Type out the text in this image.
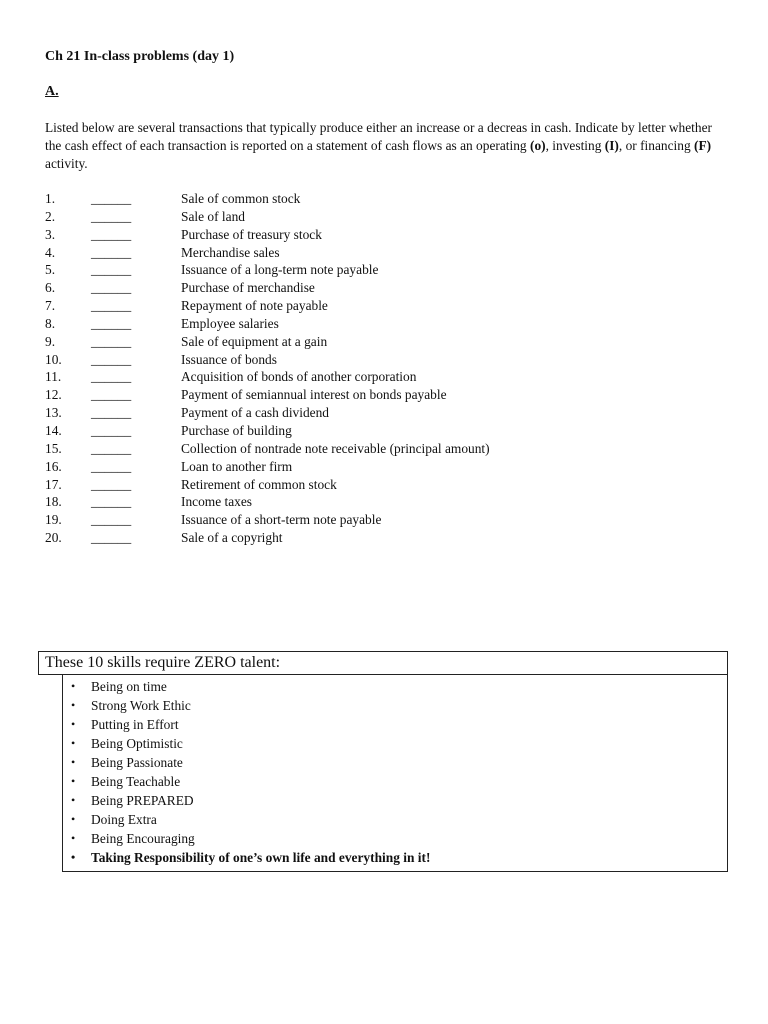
Ch 21 In-class problems (day 1)
A.
Listed below are several transactions that typically produce either an increase or a decreas in cash. Indicate by letter whether the cash effect of each transaction is reported on a statement of cash flows as an operating (o), investing (I), or financing (F) activity.
1.	______	Sale of common stock
2.	______	Sale of land
3.	______	Purchase of treasury stock
4.	______	Merchandise sales
5.	______	Issuance of a long-term note payable
6.	______	Purchase of merchandise
7.	______	Repayment of note payable
8.	______	Employee salaries
9.	______	Sale of equipment at a gain
10. ______	Issuance of bonds
11. ______	Acquisition of bonds of another corporation
12. ______	Payment of semiannual interest on bonds payable
13. ______	Payment of a cash dividend
14. ______	Purchase of building
15. ______	Collection of nontrade note receivable (principal amount)
16. ______	Loan to another firm
17. ______	Retirement of common stock
18. ______	Income taxes
19. ______	Issuance of a short-term note payable
20. ______	Sale of a copyright
These 10 skills require ZERO talent:
• Being on time
• Strong Work Ethic
• Putting in Effort
• Being Optimistic
• Being Passionate
• Being Teachable
• Being PREPARED
• Doing Extra
• Being Encouraging
• Taking Responsibility of one’s own life and everything in it!
